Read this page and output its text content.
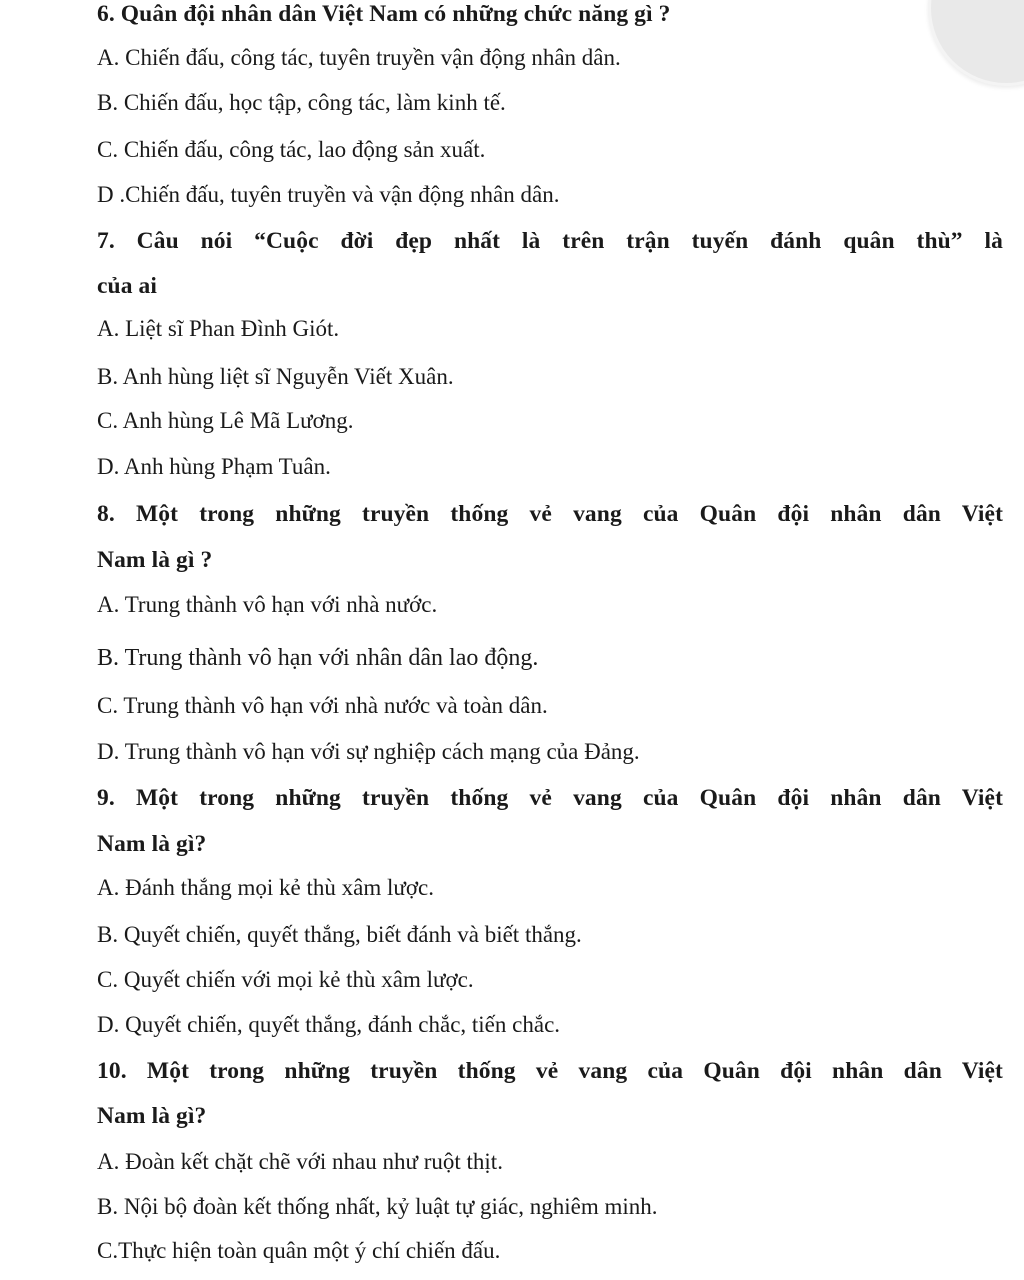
6. Quân đội nhân dân Việt Nam có những chức năng gì ?
A. Chiến đấu, công tác, tuyên truyền vận động nhân dân.
B. Chiến đấu, học tập, công tác, làm kinh tế.
C. Chiến đấu, công tác, lao động sản xuất.
D .Chiến đấu, tuyên truyền và vận động nhân dân.
7. Câu nói “Cuộc đời đẹp nhất là trên trận tuyến đánh quân thù” là
của ai
A. Liệt sĩ Phan Đình Giót.
B. Anh hùng liệt sĩ Nguyễn Viết Xuân.
C. Anh hùng Lê Mã Lương.
D. Anh hùng Phạm Tuân.
8. Một trong những truyền thống vẻ vang của Quân đội nhân dân Việt
Nam là gì ?
A. Trung thành vô hạn với nhà nước.
B. Trung thành vô hạn với nhân dân lao động.
C. Trung thành vô hạn với nhà nước và toàn dân.
D. Trung thành vô hạn với sự nghiệp cách mạng của Đảng.
9. Một trong những truyền thống vẻ vang của Quân đội nhân dân Việt
Nam là gì?
A. Đánh thắng mọi kẻ thù xâm lược.
B. Quyết chiến, quyết thắng, biết đánh và biết thắng.
C. Quyết chiến với mọi kẻ thù xâm lược.
D. Quyết chiến, quyết thắng, đánh chắc, tiến chắc.
10. Một trong những truyền thống vẻ vang của Quân đội nhân dân Việt
Nam là gì?
A. Đoàn kết chặt chẽ với nhau như ruột thịt.
B. Nội bộ đoàn kết thống nhất, kỷ luật tự giác, nghiêm minh.
C.Thực hiện toàn quân một ý chí chiến đấu.
